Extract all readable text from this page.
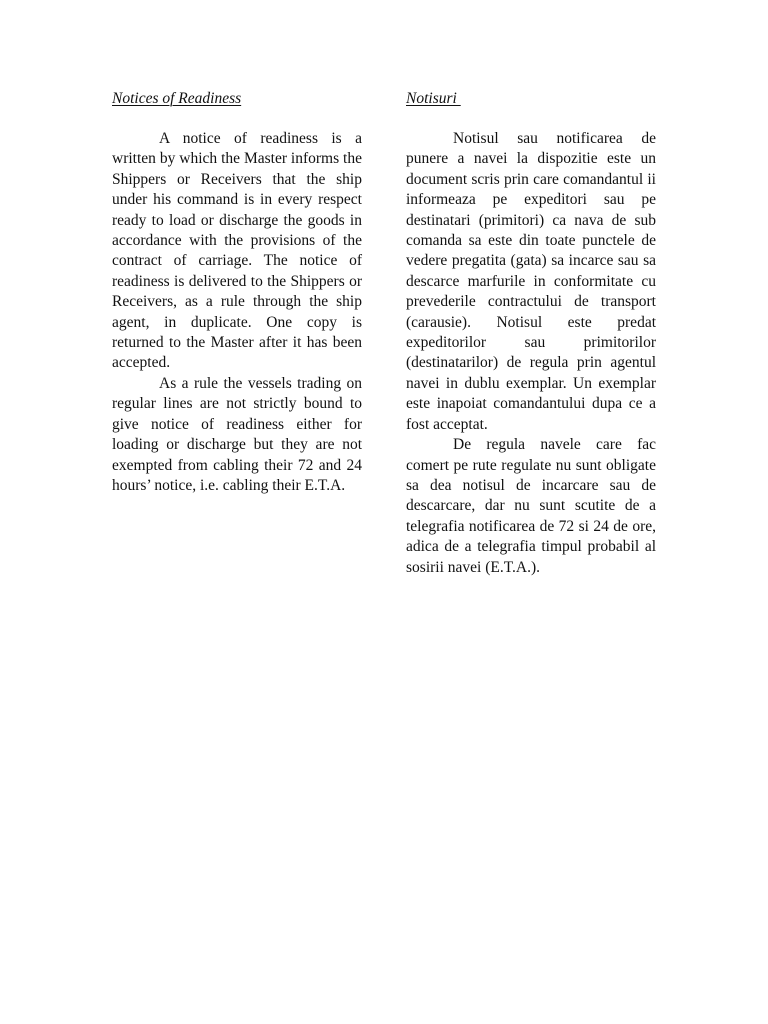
Notices of Readiness

A notice of readiness is a written by which the Master informs the Shippers or Receivers that the ship under his command is in every respect ready to load or discharge the goods in accordance with the provisions of the contract of carriage. The notice of readiness is delivered to the Shippers or Receivers, as a rule through the ship agent, in duplicate. One copy is returned to the Master after it has been accepted.

As a rule the vessels trading on regular lines are not strictly bound to give notice of readiness either for loading or discharge but they are not exempted from cabling their 72 and 24 hours’ notice, i.e. cabling their E.T.A.

Notisuri

Notisul sau notificarea de punere a navei la dispozitie este un document scris prin care comandantul ii informeaza pe expeditori sau pe destinatari (primitori) ca nava de sub comanda sa este din toate punctele de vedere pregatita (gata) sa incarce sau sa descarce marfurile in conformitate cu prevederile contractului de transport (carausie). Notisul este predat expeditorilor sau primitorilor (destinatarilor) de regula prin agentul navei in dublu exemplar. Un exemplar este inapoiat comandantului dupa ce a fost acceptat.

De regula navele care fac comert pe rute regulate nu sunt obligate sa dea notisul de incarcare sau de descarcare, dar nu sunt scutite de a telegrafia notificarea de 72 si 24 de ore, adica de a telegrafia timpul probabil al sosirii navei (E.T.A.).
